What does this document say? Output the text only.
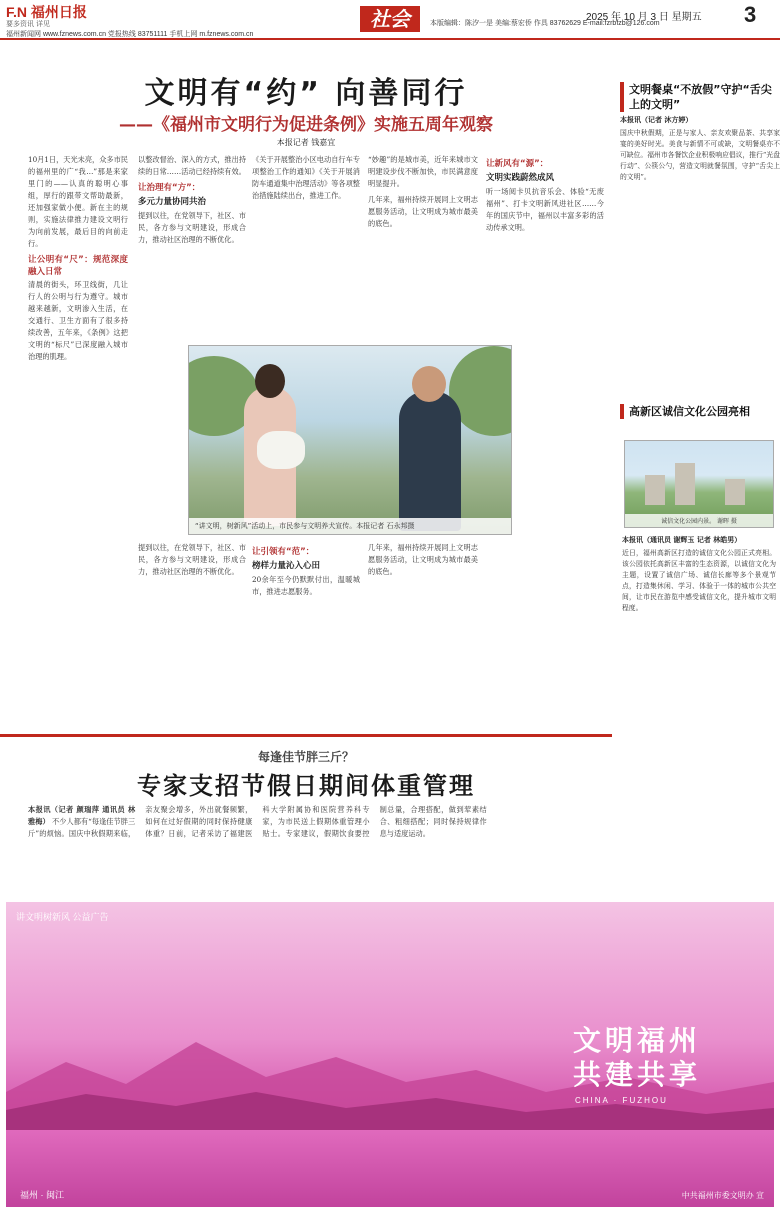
F.N 福州日报
要多资讯 详见
福州新闻网 www.fznews.com.cn 党报热线 83751111 手机上网 m.fznews.com.cn
社会	本版编辑：陈汐一是 美编:蔡宏侨 作具 83762629 E-mail:fzrbfzb@126.com
2025 年 10 月 3 日 星期五 3
文明有“约” 向善同行
——《福州市文明行为促进条例》实施五周年观察
本报记者 钱嘉宜

10月1日，天光未亮，众多市民的福州里的广“我…”那是来家里门的——认真的聪明心事组，厚行的跟带文帮助最新，还加强家做小便。新在主的规则，实施法律推力建设文明行为向前发展，最后目的向前走行。

让公明有“尺”：规范深度融入日常

清晨的街头，环卫线街，几让行人的公明与行为遵守。城市越来越新，文明渗入生活，在交通行、卫生方面有了很多持续改善，五年来，《条例》这把文明的“标尺”已深度融入城市治理的肌理。

以整改督治、深入的方式，推出持续的日常……活动已经持续有效。

让治理有“方”：
多元力量协同共治

提到以往，在党领导下，社区、市民，各方参与文明建设，形成合力，推动社区治理的不断优化。

《关于开展整治小区电动自行车专项整治工作的通知》《关于开展消防车通道集中治理活动》等各项整治措施陆续出台，推进工作。

“妙趣”的是城市美，近年来城市文明建设步伐不断加快，市民满意度明显提升。

几年来，福州持续开展同上文明志愿服务活动，让文明成为城市最美的底色。

让新风有“源”：
文明实践蔚然成风

听一场阅卡贝抗音乐会、体验“无废福州”、打卡文明新风进社区……今年的国庆节中，福州以丰富多彩的活动传承文明。

提到以往，在党领导下，社区、市民，各方参与文明建设，形成合力，推动社区治理的不断优化。

让引领有“范”：
榜样力量沁入心田

20余年至今仍默默付出，温暖城市，推进志愿服务。

几年来，福州持续开展同上文明志愿服务活动，让文明成为城市最美的底色。

“讲文明，树新风”活动上，市民参与文明养犬宣传。本报记者 石永邦摄
文明餐桌“不放假”守护“舌尖上的文明”
本报讯（记者 沐方婷）
国庆中秋假期，正是与家人、亲友欢聚品茶、共享家宴的美好时光。美食与新情不可或缺，文明餐桌亦不可缺位。福州市各餐饮企业积极响应倡议，推行“光盘行动”、公筷公勺，营造文明就餐氛围，守护“舌尖上的文明”。
高新区诚信文化公园亮相
诚信文化公园内景。 谢晖 摄
本报讯（通讯员 谢辉玉 记者 林皓男）
近日，福州高新区打造的诚信文化公园正式亮相。该公园依托高新区丰富的生态资源，以诚信文化为主题，设置了诚信广场、诚信长廊等多个景观节点，打造集休闲、学习、体验于一体的城市公共空间，让市民在游览中感受诚信文化，提升城市文明程度。
每逢佳节胖三斤？
专家支招节假日期间体重管理
本报讯（记者 颜瑞萍 通讯员 林雅梅） 不少人都有“每逢佳节胖三斤”的烦恼。国庆中秋假期来临，亲友聚会增多，外出就餐频繁，如何在过好假期的同时保持健康体重？日前，记者采访了福建医科大学附属协和医院营养科专家，为市民送上假期体重管理小贴士。专家建议，假期饮食要控制总量，合理搭配，做到荤素结合、粗细搭配；同时保持规律作息与适度运动。
讲文明树新风 公益广告
文明福州
共建共享
CHINA · FUZHOU
福州 · 闽江	中共福州市委文明办 宣
